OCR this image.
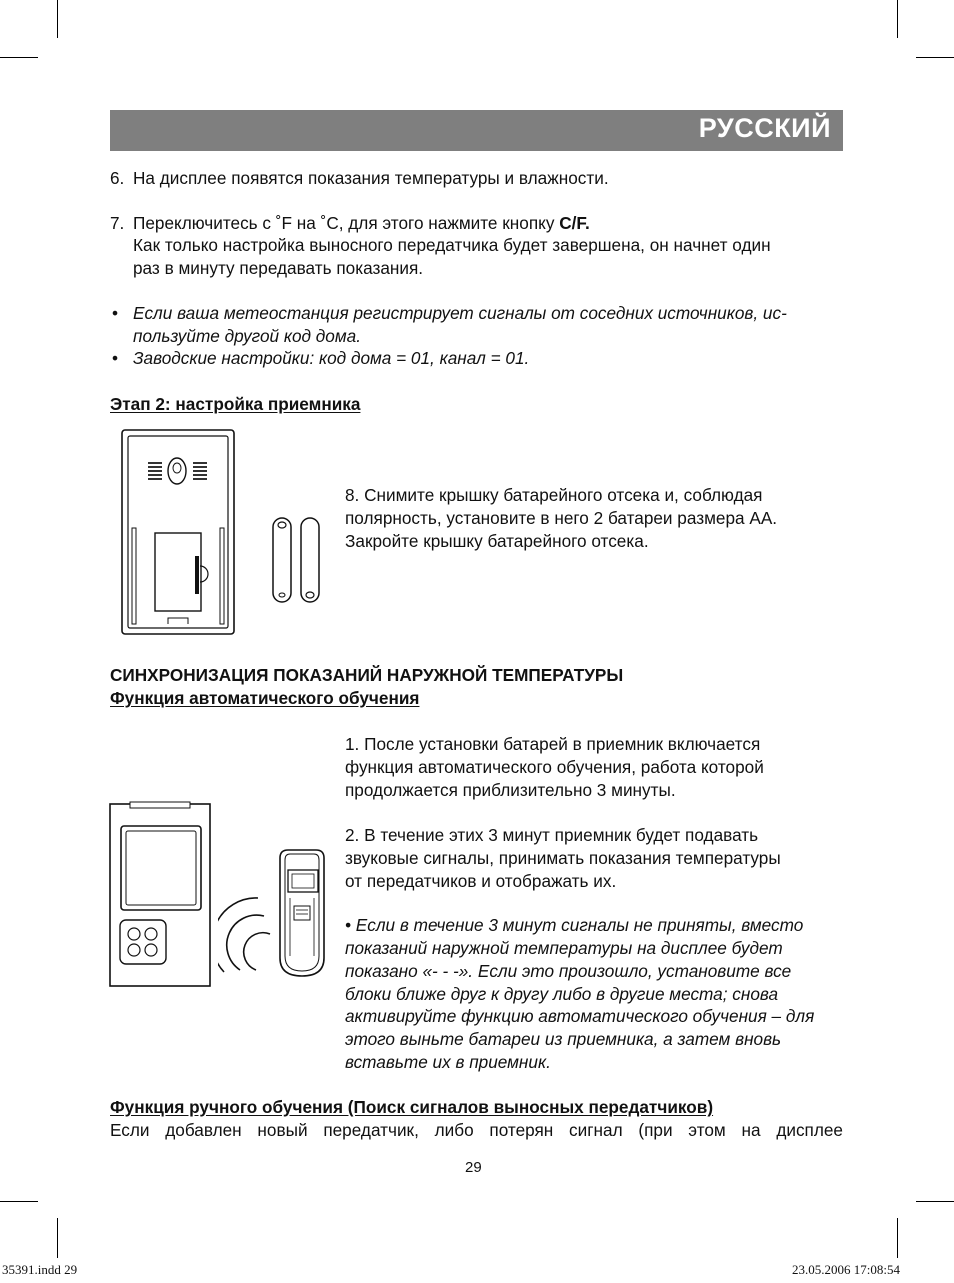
РУССКИЙ
6. На дисплее появятся показания температуры и влажности.
7. Переключитесь с ˚F на ˚C, для этого нажмите кнопку C/F.
Как только настройка выносного передатчика будет завершена, он начнет один
раз в минуту передавать показания.
• Если ваша метеостанция регистрирует сигналы от соседних источников, ис-
пользуйте другой код дома.
• Заводские настройки: код дома = 01, канал = 01.
Этап 2: настройка приемника
8. Снимите крышку батарейного отсека и, соблюдая
полярность, установите в него 2 батареи размера AA.
Закройте крышку батарейного отсека.
СИНХРОНИЗАЦИЯ ПОКАЗАНИЙ НАРУЖНОЙ ТЕМПЕРАТУРЫ
Функция автоматического обучения
1. После установки батарей в приемник включается
функция автоматического обучения, работа которой
продолжается приблизительно 3 минуты.
2. В течение этих 3 минут приемник будет подавать
звуковые сигналы, принимать показания температуры
от передатчиков и отображать их.
• Если в течение 3 минут сигналы не приняты, вместо
показаний наружной температуры на дисплее будет
показано «- - -». Если это произошло, установите все
блоки ближе друг к другу либо в другие места; снова
активируйте функцию автоматического обучения – для
этого выньте батареи из приемника, а затем вновь
вставьте их в приемник.
Функция ручного обучения (Поиск сигналов выносных передатчиков)
Если добавлен новый передатчик, либо потерян сигнал (при этом на дисплее
29
35391.indd 29	23.05.2006 17:08:54
